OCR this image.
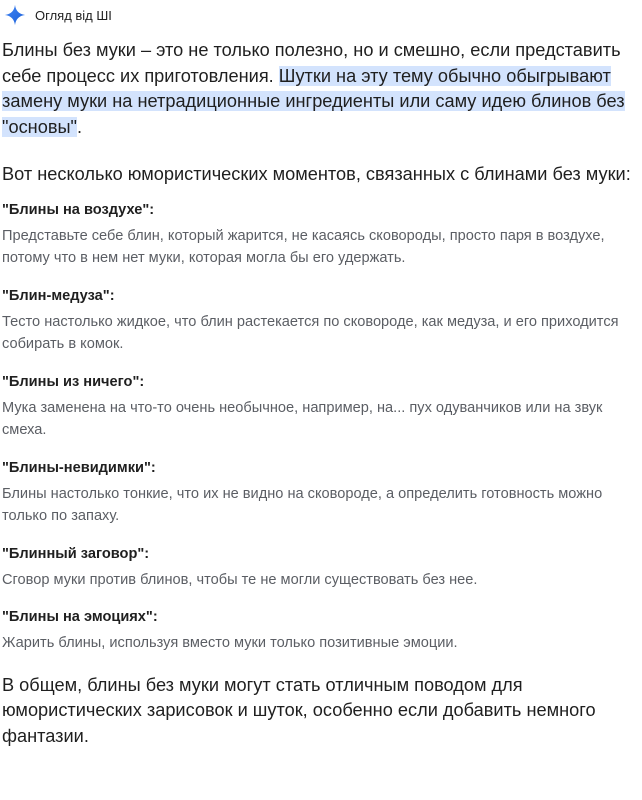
Огляд від ШІ

Блины без муки – это не только полезно, но и смешно, если представить себе процесс их приготовления. Шутки на эту тему обычно обыгрывают замену муки на нетрадиционные ингредиенты или саму идею блинов без "основы".

Вот несколько юмористических моментов, связанных с блинами без муки:

"Блины на воздухе":

Представьте себе блин, который жарится, не касаясь сковороды, просто паря в воздухе, потому что в нем нет муки, которая могла бы его удержать.

"Блин-медуза":

Тесто настолько жидкое, что блин растекается по сковороде, как медуза, и его приходится собирать в комок.

"Блины из ничего":

Мука заменена на что-то очень необычное, например, на... пух одуванчиков или на звук смеха.

"Блины-невидимки":

Блины настолько тонкие, что их не видно на сковороде, а определить готовность можно только по запаху.

"Блинный заговор":

Сговор муки против блинов, чтобы те не могли существовать без нее.

"Блины на эмоциях":

Жарить блины, используя вместо муки только позитивные эмоции.

В общем, блины без муки могут стать отличным поводом для юмористических зарисовок и шуток, особенно если добавить немного фантазии.
